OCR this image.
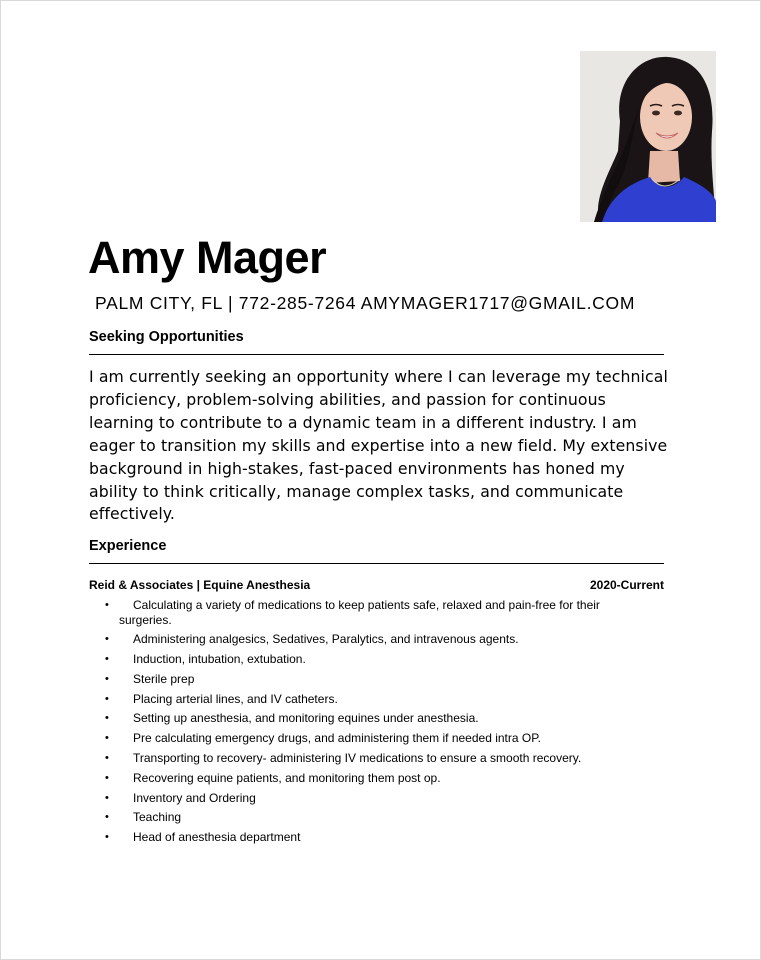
Amy Mager
PALM CITY, FL | 772-285-7264 AMYMAGER1717@GMAIL.COM
Seeking Opportunities

I am currently seeking an opportunity where I can leverage my technical proficiency, problem-solving abilities, and passion for continuous learning to contribute to a dynamic team in a different industry. I am eager to transition my skills and expertise into a new field. My extensive background in high-stakes, fast-paced environments has honed my ability to think critically, manage complex tasks, and communicate effectively.

Experience
Reid & Associates | Equine Anesthesia	2020-Current
• Calculating a variety of medications to keep patients safe, relaxed and pain-free for their
surgeries.
• Administering analgesics, Sedatives, Paralytics, and intravenous agents.
• Induction, intubation, extubation.
• Sterile prep
• Placing arterial lines, and IV catheters.
• Setting up anesthesia, and monitoring equines under anesthesia.
• Pre calculating emergency drugs, and administering them if needed intra OP.
• Transporting to recovery- administering IV medications to ensure a smooth recovery.
• Recovering equine patients, and monitoring them post op.
• Inventory and Ordering
• Teaching
• Head of anesthesia department
